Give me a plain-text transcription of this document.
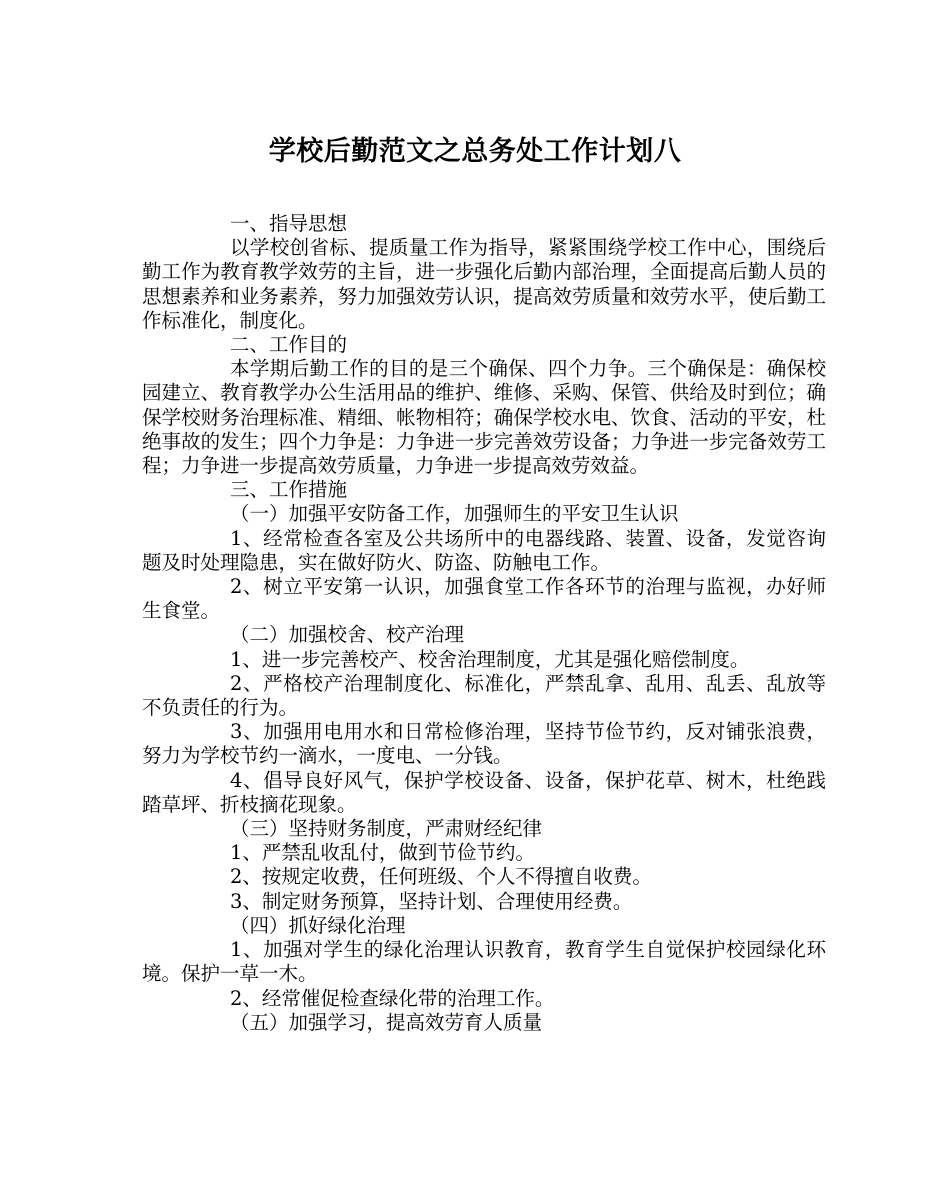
学校后勤范文之总务处工作计划八

一、指导思想

以学校创省标、提质量工作为指导，紧紧围绕学校工作中心，围绕后勤工作为教育教学效劳的主旨，进一步强化后勤内部治理，全面提高后勤人员的思想素养和业务素养，努力加强效劳认识，提高效劳质量和效劳水平，使后勤工作标准化，制度化。

二、工作目的

本学期后勤工作的目的是三个确保、四个力争。三个确保是：确保校园建立、教育教学办公生活用品的维护、维修、采购、保管、供给及时到位；确保学校财务治理标准、精细、帐物相符；确保学校水电、饮食、活动的平安，杜绝事故的发生；四个力争是：力争进一步完善效劳设备；力争进一步完备效劳工程；力争进一步提高效劳质量，力争进一步提高效劳效益。

三、工作措施

（一）加强平安防备工作，加强师生的平安卫生认识

1、经常检查各室及公共场所中的电器线路、装置、设备，发觉咨询题及时处理隐患，实在做好防火、防盗、防触电工作。

2、树立平安第一认识，加强食堂工作各环节的治理与监视，办好师生食堂。

（二）加强校舍、校产治理

1、进一步完善校产、校舍治理制度，尤其是强化赔偿制度。

2、严格校产治理制度化、标准化，严禁乱拿、乱用、乱丢、乱放等不负责任的行为。

3、加强用电用水和日常检修治理，坚持节俭节约，反对铺张浪费，努力为学校节约一滴水，一度电、一分钱。

4、倡导良好风气，保护学校设备、设备，保护花草、树木，杜绝践踏草坪、折枝摘花现象。

（三）坚持财务制度，严肃财经纪律

1、严禁乱收乱付，做到节俭节约。

2、按规定收费，任何班级、个人不得擅自收费。

3、制定财务预算，坚持计划、合理使用经费。

（四）抓好绿化治理

1、加强对学生的绿化治理认识教育，教育学生自觉保护校园绿化环境。保护一草一木。

2、经常催促检查绿化带的治理工作。

（五）加强学习，提高效劳育人质量
